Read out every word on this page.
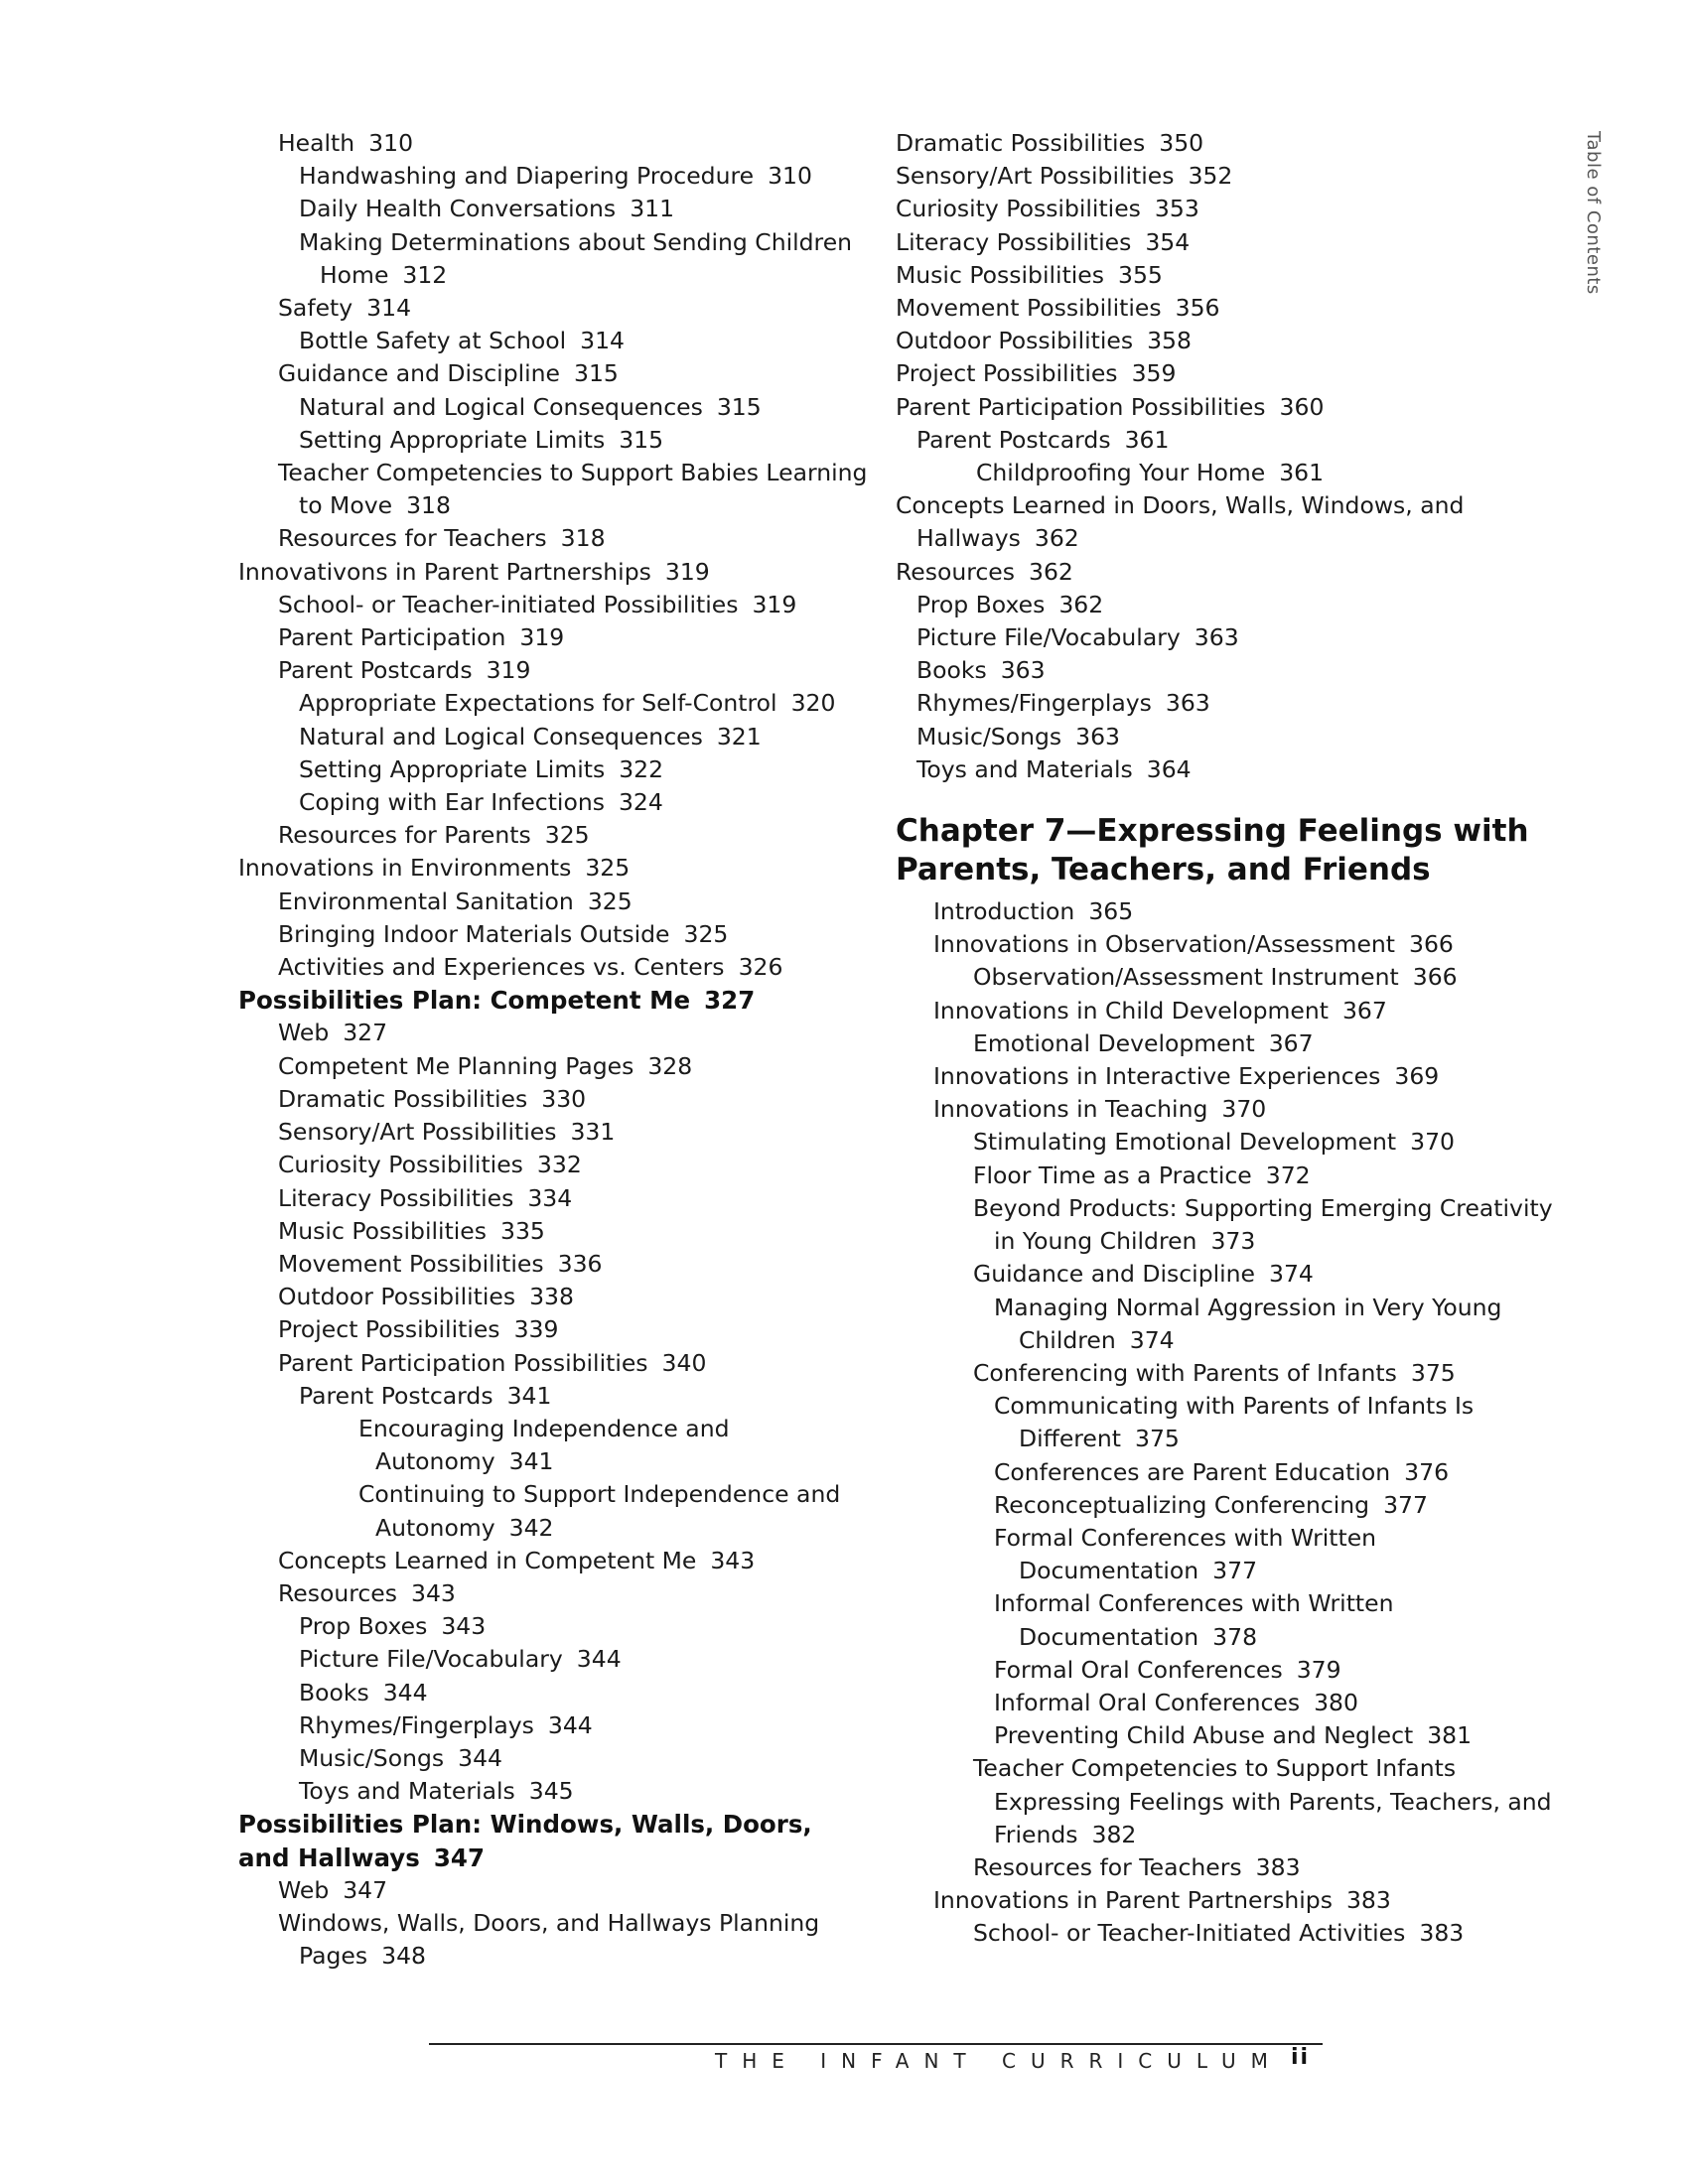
Table of Contents
Health 310
Handwashing and Diapering Procedure 310
Daily Health Conversations 311
Making Determinations about Sending Children
Home 312
Safety 314
Bottle Safety at School 314
Guidance and Discipline 315
Natural and Logical Consequences 315
Setting Appropriate Limits 315
Teacher Competencies to Support Babies Learning
to Move 318
Resources for Teachers 318
Innovativons in Parent Partnerships 319
School- or Teacher-initiated Possibilities 319
Parent Participation 319
Parent Postcards 319
Appropriate Expectations for Self-Control 320
Natural and Logical Consequences 321
Setting Appropriate Limits 322
Coping with Ear Infections 324
Resources for Parents 325
Innovations in Environments 325
Environmental Sanitation 325
Bringing Indoor Materials Outside 325
Activities and Experiences vs. Centers 326
Possibilities Plan: Competent Me 327
Web 327
Competent Me Planning Pages 328
Dramatic Possibilities 330
Sensory/Art Possibilities 331
Curiosity Possibilities 332
Literacy Possibilities 334
Music Possibilities 335
Movement Possibilities 336
Outdoor Possibilities 338
Project Possibilities 339
Parent Participation Possibilities 340
Parent Postcards 341
Encouraging Independence and
Autonomy 341
Continuing to Support Independence and
Autonomy 342
Concepts Learned in Competent Me 343
Resources 343
Prop Boxes 343
Picture File/Vocabulary 344
Books 344
Rhymes/Fingerplays 344
Music/Songs 344
Toys and Materials 345
Possibilities Plan: Windows, Walls, Doors,
and Hallways 347
Web 347
Windows, Walls, Doors, and Hallways Planning
Pages 348
Dramatic Possibilities 350
Sensory/Art Possibilities 352
Curiosity Possibilities 353
Literacy Possibilities 354
Music Possibilities 355
Movement Possibilities 356
Outdoor Possibilities 358
Project Possibilities 359
Parent Participation Possibilities 360
Parent Postcards 361
Childproofing Your Home 361
Concepts Learned in Doors, Walls, Windows, and
Hallways 362
Resources 362
Prop Boxes 362
Picture File/Vocabulary 363
Books 363
Rhymes/Fingerplays 363
Music/Songs 363
Toys and Materials 364
Chapter 7—Expressing Feelings with Parents, Teachers, and Friends
Introduction 365
Innovations in Observation/Assessment 366
Observation/Assessment Instrument 366
Innovations in Child Development 367
Emotional Development 367
Innovations in Interactive Experiences 369
Innovations in Teaching 370
Stimulating Emotional Development 370
Floor Time as a Practice 372
Beyond Products: Supporting Emerging Creativity
in Young Children 373
Guidance and Discipline 374
Managing Normal Aggression in Very Young
Children 374
Conferencing with Parents of Infants 375
Communicating with Parents of Infants Is
Different 375
Conferences are Parent Education 376
Reconceptualizing Conferencing 377
Formal Conferences with Written
Documentation 377
Informal Conferences with Written
Documentation 378
Formal Oral Conferences 379
Informal Oral Conferences 380
Preventing Child Abuse and Neglect 381
Teacher Competencies to Support Infants
Expressing Feelings with Parents, Teachers, and
Friends 382
Resources for Teachers 383
Innovations in Parent Partnerships 383
School- or Teacher-Initiated Activities 383
THE INFANT CURRICULUM ii
